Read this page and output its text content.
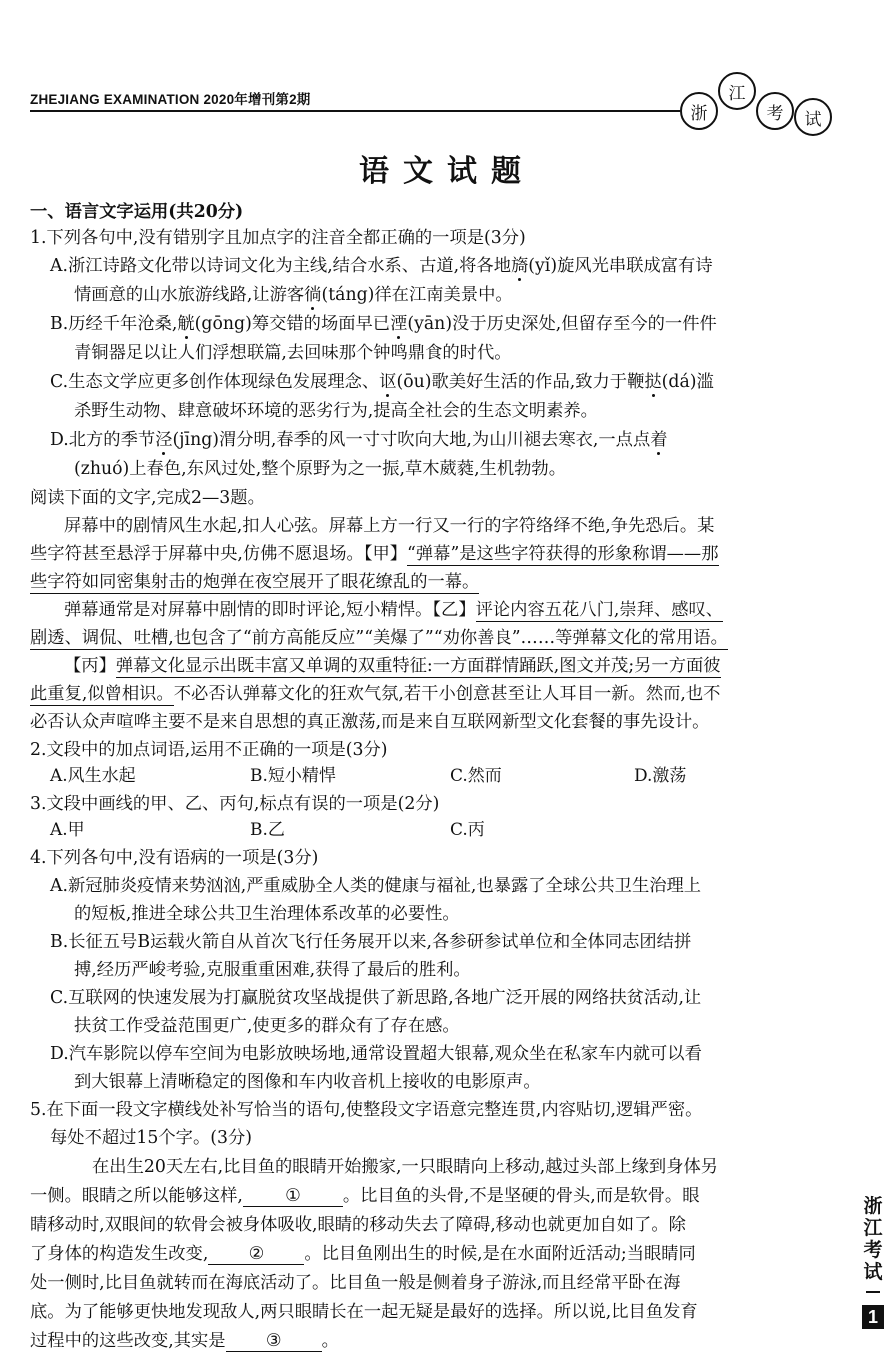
ZHEJIANG EXAMINATION 2020年增刊第2期
浙
江
考	试
语文试题
一、语言文字运用(共20分)
1.下列各句中,没有错别字且加点字的注音全都正确的一项是(3分)
A.浙江诗路文化带以诗词文化为主线,结合水系、古道,将各地旖(yǐ)旋风光串联成富有诗
情画意的山水旅游线路,让游客徜(táng)徉在江南美景中。
B.历经千年沧桑,觥(gōng)筹交错的场面早已湮(yān)没于历史深处,但留存至今的一件件
青铜器足以让人们浮想联篇,去回味那个钟鸣鼎食的时代。
C.生态文学应更多创作体现绿色发展理念、讴(ōu)歌美好生活的作品,致力于鞭挞(dá)滥
杀野生动物、肆意破坏环境的恶劣行为,提高全社会的生态文明素养。
D.北方的季节泾(jīng)渭分明,春季的风一寸寸吹向大地,为山川褪去寒衣,一点点着
(zhuó)上春色,东风过处,整个原野为之一振,草木葳蕤,生机勃勃。
阅读下面的文字,完成2—3题。
屏幕中的剧情风生水起,扣人心弦。屏幕上方一行又一行的字符络绎不绝,争先恐后。某
些字符甚至悬浮于屏幕中央,仿佛不愿退场。【甲】“弹幕”是这些字符获得的形象称谓——那
些字符如同密集射击的炮弹在夜空展开了眼花缭乱的一幕。
弹幕通常是对屏幕中剧情的即时评论,短小精悍。【乙】评论内容五花八门,崇拜、感叹、
剧透、调侃、吐槽,也包含了“前方高能反应”“美爆了”“劝你善良”……等弹幕文化的常用语。
【丙】弹幕文化显示出既丰富又单调的双重特征:一方面群情踊跃,图文并茂;另一方面彼
此重复,似曾相识。不必否认弹幕文化的狂欢气氛,若干小创意甚至让人耳目一新。然而,也不
必否认众声喧哗主要不是来自思想的真正激荡,而是来自互联网新型文化套餐的事先设计。
2.文段中的加点词语,运用不正确的一项是(3分)
A.风生水起	B.短小精悍	C.然而	D.激荡
3.文段中画线的甲、乙、丙句,标点有误的一项是(2分)
A.甲	B.乙	C.丙
4.下列各句中,没有语病的一项是(3分)
A.新冠肺炎疫情来势汹汹,严重威胁全人类的健康与福祉,也暴露了全球公共卫生治理上
的短板,推进全球公共卫生治理体系改革的必要性。
B.长征五号B运载火箭自从首次飞行任务展开以来,各参研参试单位和全体同志团结拼
搏,经历严峻考验,克服重重困难,获得了最后的胜利。
C.互联网的快速发展为打赢脱贫攻坚战提供了新思路,各地广泛开展的网络扶贫活动,让
扶贫工作受益范围更广,使更多的群众有了存在感。
D.汽车影院以停车空间为电影放映场地,通常设置超大银幕,观众坐在私家车内就可以看
到大银幕上清晰稳定的图像和车内收音机上接收的电影原声。
5.在下面一段文字横线处补写恰当的语句,使整段文字语意完整连贯,内容贴切,逻辑严密。
每处不超过15个字。(3分)
在出生20天左右,比目鱼的眼睛开始搬家,一只眼睛向上移动,越过头部上缘到身体另
一侧。眼睛之所以能够这样, ① 。比目鱼的头骨,不是坚硬的骨头,而是软骨。眼
睛移动时,双眼间的软骨会被身体吸收,眼睛的移动失去了障碍,移动也就更加自如了。除
了身体的构造发生改变, ② 。比目鱼刚出生的时候,是在水面附近活动;当眼睛同
处一侧时,比目鱼就转而在海底活动了。比目鱼一般是侧着身子游泳,而且经常平卧在海
底。为了能够更快地发现敌人,两只眼睛长在一起无疑是最好的选择。所以说,比目鱼发育
过程中的这些改变,其实是 ③ 。
浙江考试
1
